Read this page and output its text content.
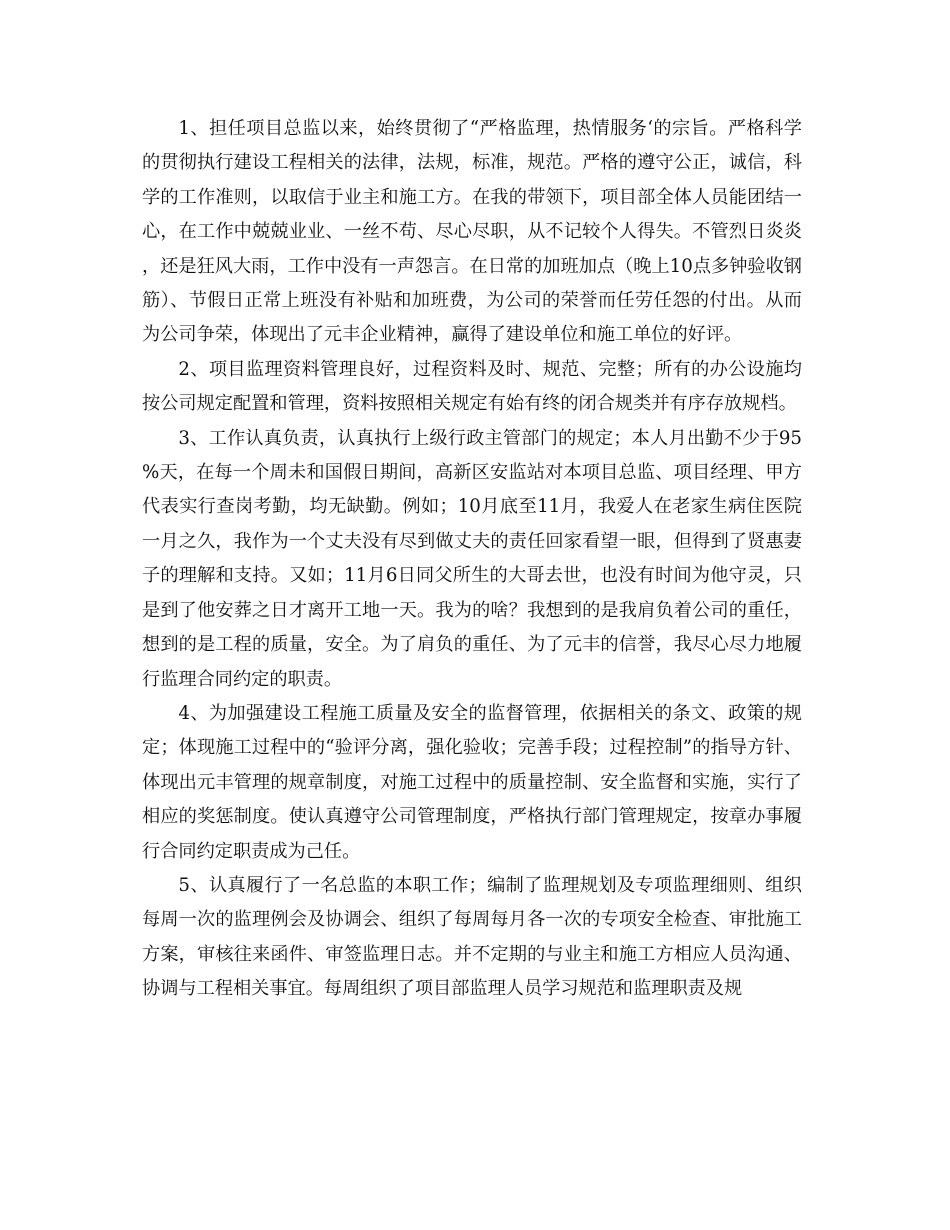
1、担任项目总监以来，始终贯彻了“严格监理，热情服务‘的宗旨。严格科学的贯彻执行建设工程相关的法律，法规，标准，规范。严格的遵守公正，诚信，科学的工作准则，以取信于业主和施工方。在我的带领下，项目部全体人员能团结一心，在工作中兢兢业业、一丝不苟、尽心尽职，从不记较个人得失。不管烈日炎炎，还是狂风大雨，工作中没有一声怨言。在日常的加班加点（晚上10点多钟验收钢筋）、节假日正常上班没有补贴和加班费，为公司的荣誉而任劳任怨的付出。从而为公司争荣，体现出了元丰企业精神，赢得了建设单位和施工单位的好评。

2、项目监理资料管理良好，过程资料及时、规范、完整；所有的办公设施均按公司规定配置和管理，资料按照相关规定有始有终的闭合规类并有序存放规档。

3、工作认真负责，认真执行上级行政主管部门的规定；本人月出勤不少于95%天，在每一个周未和国假日期间，高新区安监站对本项目总监、项目经理、甲方代表实行查岗考勤，均无缺勤。例如；10月底至11月，我爱人在老家生病住医院一月之久，我作为一个丈夫没有尽到做丈夫的责任回家看望一眼，但得到了贤惠妻子的理解和支持。又如；11月6日同父所生的大哥去世，也没有时间为他守灵，只是到了他安葬之日才离开工地一天。我为的啥？我想到的是我肩负着公司的重任，想到的是工程的质量，安全。为了肩负的重任、为了元丰的信誉，我尽心尽力地履行监理合同约定的职责。

4、为加强建设工程施工质量及安全的监督管理，依据相关的条文、政策的规定；体现施工过程中的“验评分离，强化验收；完善手段；过程控制”的指导方针、体现出元丰管理的规章制度，对施工过程中的质量控制、安全监督和实施，实行了相应的奖惩制度。使认真遵守公司管理制度，严格执行部门管理规定，按章办事履行合同约定职责成为己任。

5、认真履行了一名总监的本职工作；编制了监理规划及专项监理细则、组织每周一次的监理例会及协调会、组织了每周每月各一次的专项安全检查、审批施工方案，审核往来函件、审签监理日志。并不定期的与业主和施工方相应人员沟通、协调与工程相关事宜。每周组织了项目部监理人员学习规范和监理职责及规
